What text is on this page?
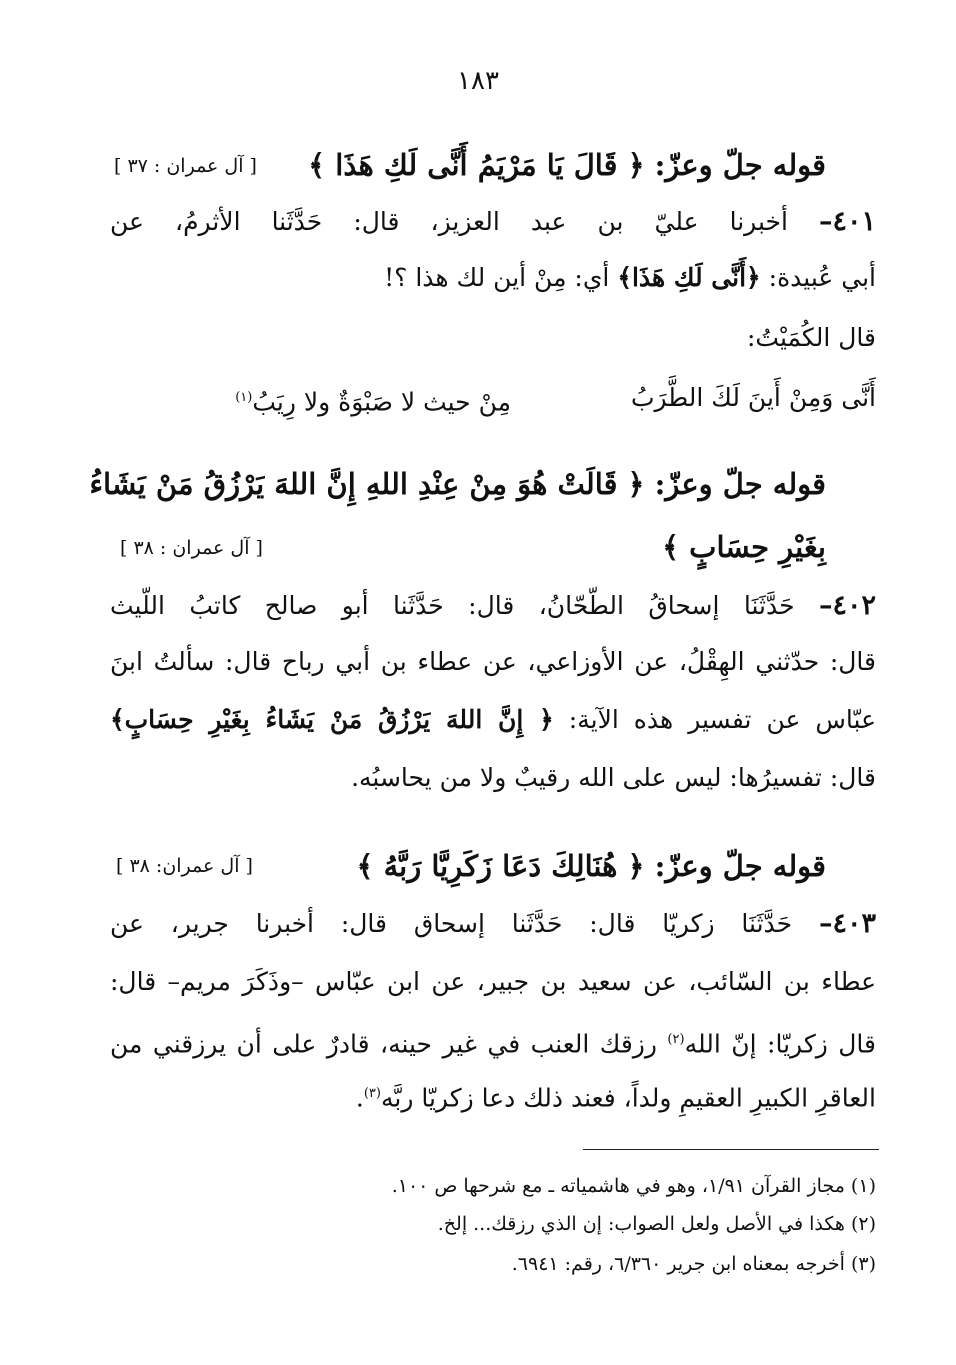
١٨٣
قوله جلّ وعزّ: ﴿ قَالَ يَا مَرْيَمُ أَنَّى لَكِ هَذَا ﴾
[ آل عمران : ٣٧ ]
٤٠١– أخبرنا عليّ بن عبد العزيز، قال: حَدَّثَنا الأثرمُ، عن
أبي عُبيدة: ﴿أَنَّى لَكِ هَذَا﴾ أي: مِنْ أين لك هذا ؟!
قال الكُمَيْتُ:
أَنَّى وَمِنْ أَينَ لَكَ الطَّرَبُ
مِنْ حيث لا صَبْوَةٌ ولا رِيَبُ$^{(١)}$
قوله جلّ وعزّ: ﴿ قَالَتْ هُوَ مِنْ عِنْدِ اللهِ إِنَّ اللهَ يَرْزُقُ مَنْ يَشَاءُ
بِغَيْرِ حِسَابٍ ﴾
[ آل عمران : ٣٨ ]
٤٠٢– حَدَّثَنَا إسحاقُ الطّحّانُ، قال: حَدَّثَنا أبو صالح كاتبُ اللّيث
قال: حدّثني الهِقْلُ، عن الأوزاعي، عن عطاء بن أبي رباح قال: سألتُ ابنَ
عبّاس عن تفسير هذه الآية: ﴿ إِنَّ اللهَ يَرْزُقُ مَنْ يَشَاءُ بِغَيْرِ حِسَابٍ﴾
قال: تفسيرُها: ليس على الله رقيبٌ ولا من يحاسبُه.
قوله جلّ وعزّ: ﴿ هُنَالِكَ دَعَا زَكَرِيَّا رَبَّهُ ﴾
[ آل عمران: ٣٨ ]
٤٠٣– حَدَّثَنَا زكريّا قال: حَدَّثَنا إسحاق قال: أخبرنا جرير، عن
عطاء بن السّائب، عن سعيد بن جبير، عن ابن عبّاس –وذَكَرَ مريم– قال:
قال زكريّا: إنّ الله$^{(٢)}$ رزقك العنب في غير حينه، قادرٌ على أن يرزقني من
العاقرِ الكبيرِ العقيمِ ولداً، فعند ذلك دعا زكريّا ربَّه$^{(٣)}$.
(١) مجاز القرآن ١/٩١، وهو في هاشمياته ـ مع شرحها ص ١٠٠.
(٢) هكذا في الأصل ولعل الصواب: إن الذي رزقك... إلخ.
(٣) أخرجه بمعناه ابن جرير ٦/٣٦٠، رقم: ٦٩٤١.
